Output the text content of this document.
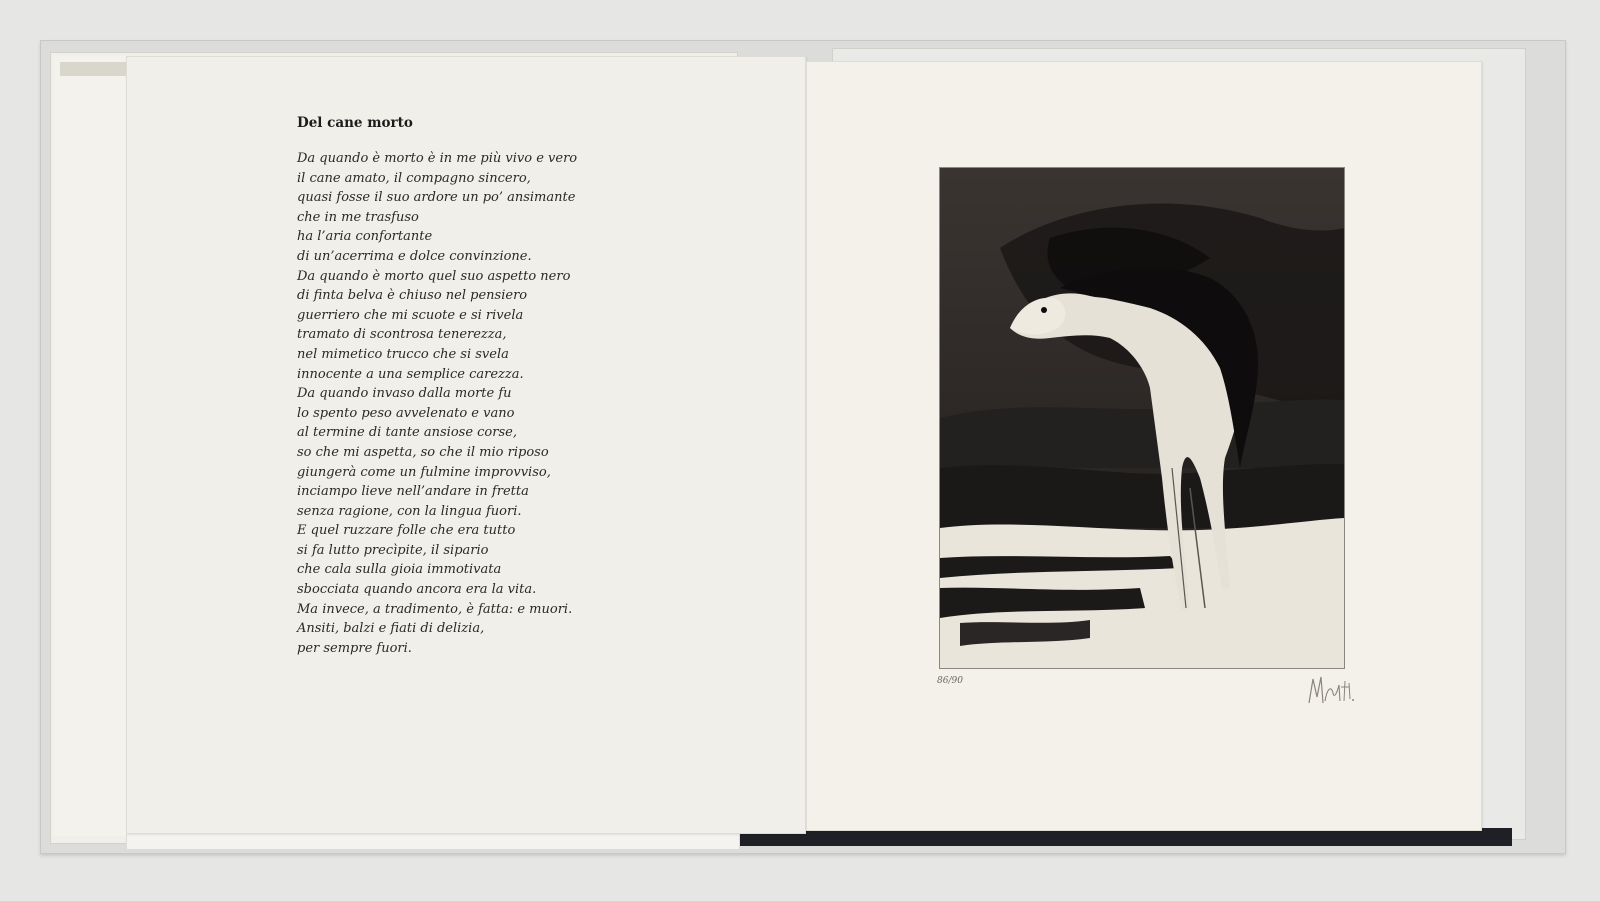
Del cane morto
Da quando è morto è in me più vivo e vero
il cane amato, il compagno sincero,
quasi fosse il suo ardore un po’ ansimante
che in me trasfuso
ha l’aria confortante
di un’acerrima e dolce convinzione.
Da quando è morto quel suo aspetto nero
di finta belva è chiuso nel pensiero
guerriero che mi scuote e si rivela
tramato di scontrosa tenerezza,
nel mimetico trucco che si svela
innocente a una semplice carezza.
Da quando invaso dalla morte fu
lo spento peso avvelenato e vano
al termine di tante ansiose corse,
so che mi aspetta, so che il mio riposo
giungerà come un fulmine improvviso,
inciampo lieve nell’andare in fretta
senza ragione, con la lingua fuori.
E quel ruzzare folle che era tutto
si fa lutto precìpite, il sipario
che cala sulla gioia immotivata
sbocciata quando ancora era la vita.
Ma invece, a tradimento, è fatta: e muori.
Ansiti, balzi e fiati di delizia,
per sempre fuori.
86/90
